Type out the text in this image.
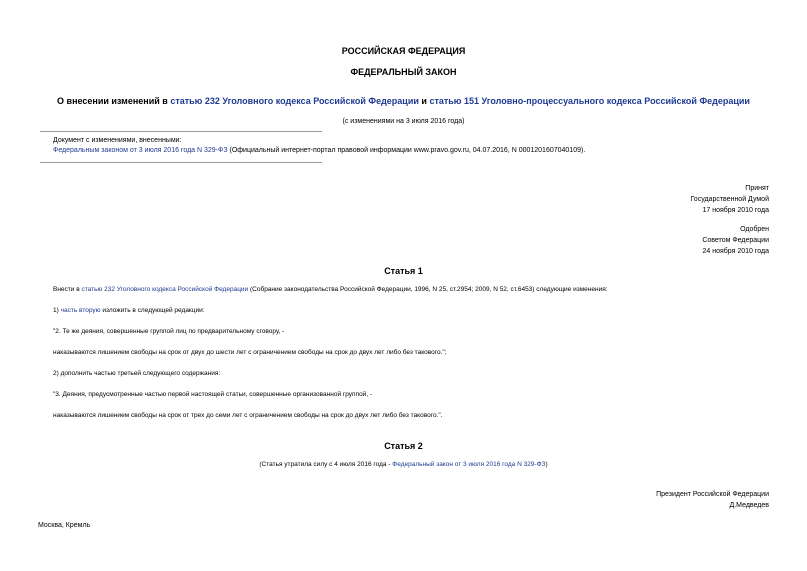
РОССИЙСКАЯ ФЕДЕРАЦИЯ
ФЕДЕРАЛЬНЫЙ ЗАКОН
О внесении изменений в статью 232 Уголовного кодекса Российской Федерации и статью 151 Уголовно-процессуального кодекса Российской Федерации
(с изменениями на 3 июля 2016 года)
Документ с изменениями, внесенными:
Федеральным законом от 3 июля 2016 года N 329-ФЗ (Официальный интернет-портал правовой информации www.pravo.gov.ru, 04.07.2016, N 0001201607040109).

Принят

Государственной Думой

17 ноября 2010 года

Одобрен

Советом Федерации

24 ноября 2010 года

Статья 1
Внести в статью 232 Уголовного кодекса Российской Федерации (Собрание законодательства Российской Федерации, 1996, N 25, ст.2954; 2009, N 52, ст.6453) следующие изменения:
1) часть вторую изложить в следующей редакции:
"2. Те же деяния, совершенные группой лиц по предварительному сговору, -
наказываются лишением свободы на срок от двух до шести лет с ограничением свободы на срок до двух лет либо без такового.";
2) дополнить частью третьей следующего содержания:
"3. Деяния, предусмотренные частью первой настоящей статьи, совершенные организованной группой, -
наказываются лишением свободы на срок от трех до семи лет с ограничением свободы на срок до двух лет либо без такового.".
Статья 2
(Статья утратила силу с 4 июля 2016 года - Федеральный закон от 3 июля 2016 года N 329-ФЗ)

Президент Российской Федерации

Д.Медведев

Москва, Кремль
